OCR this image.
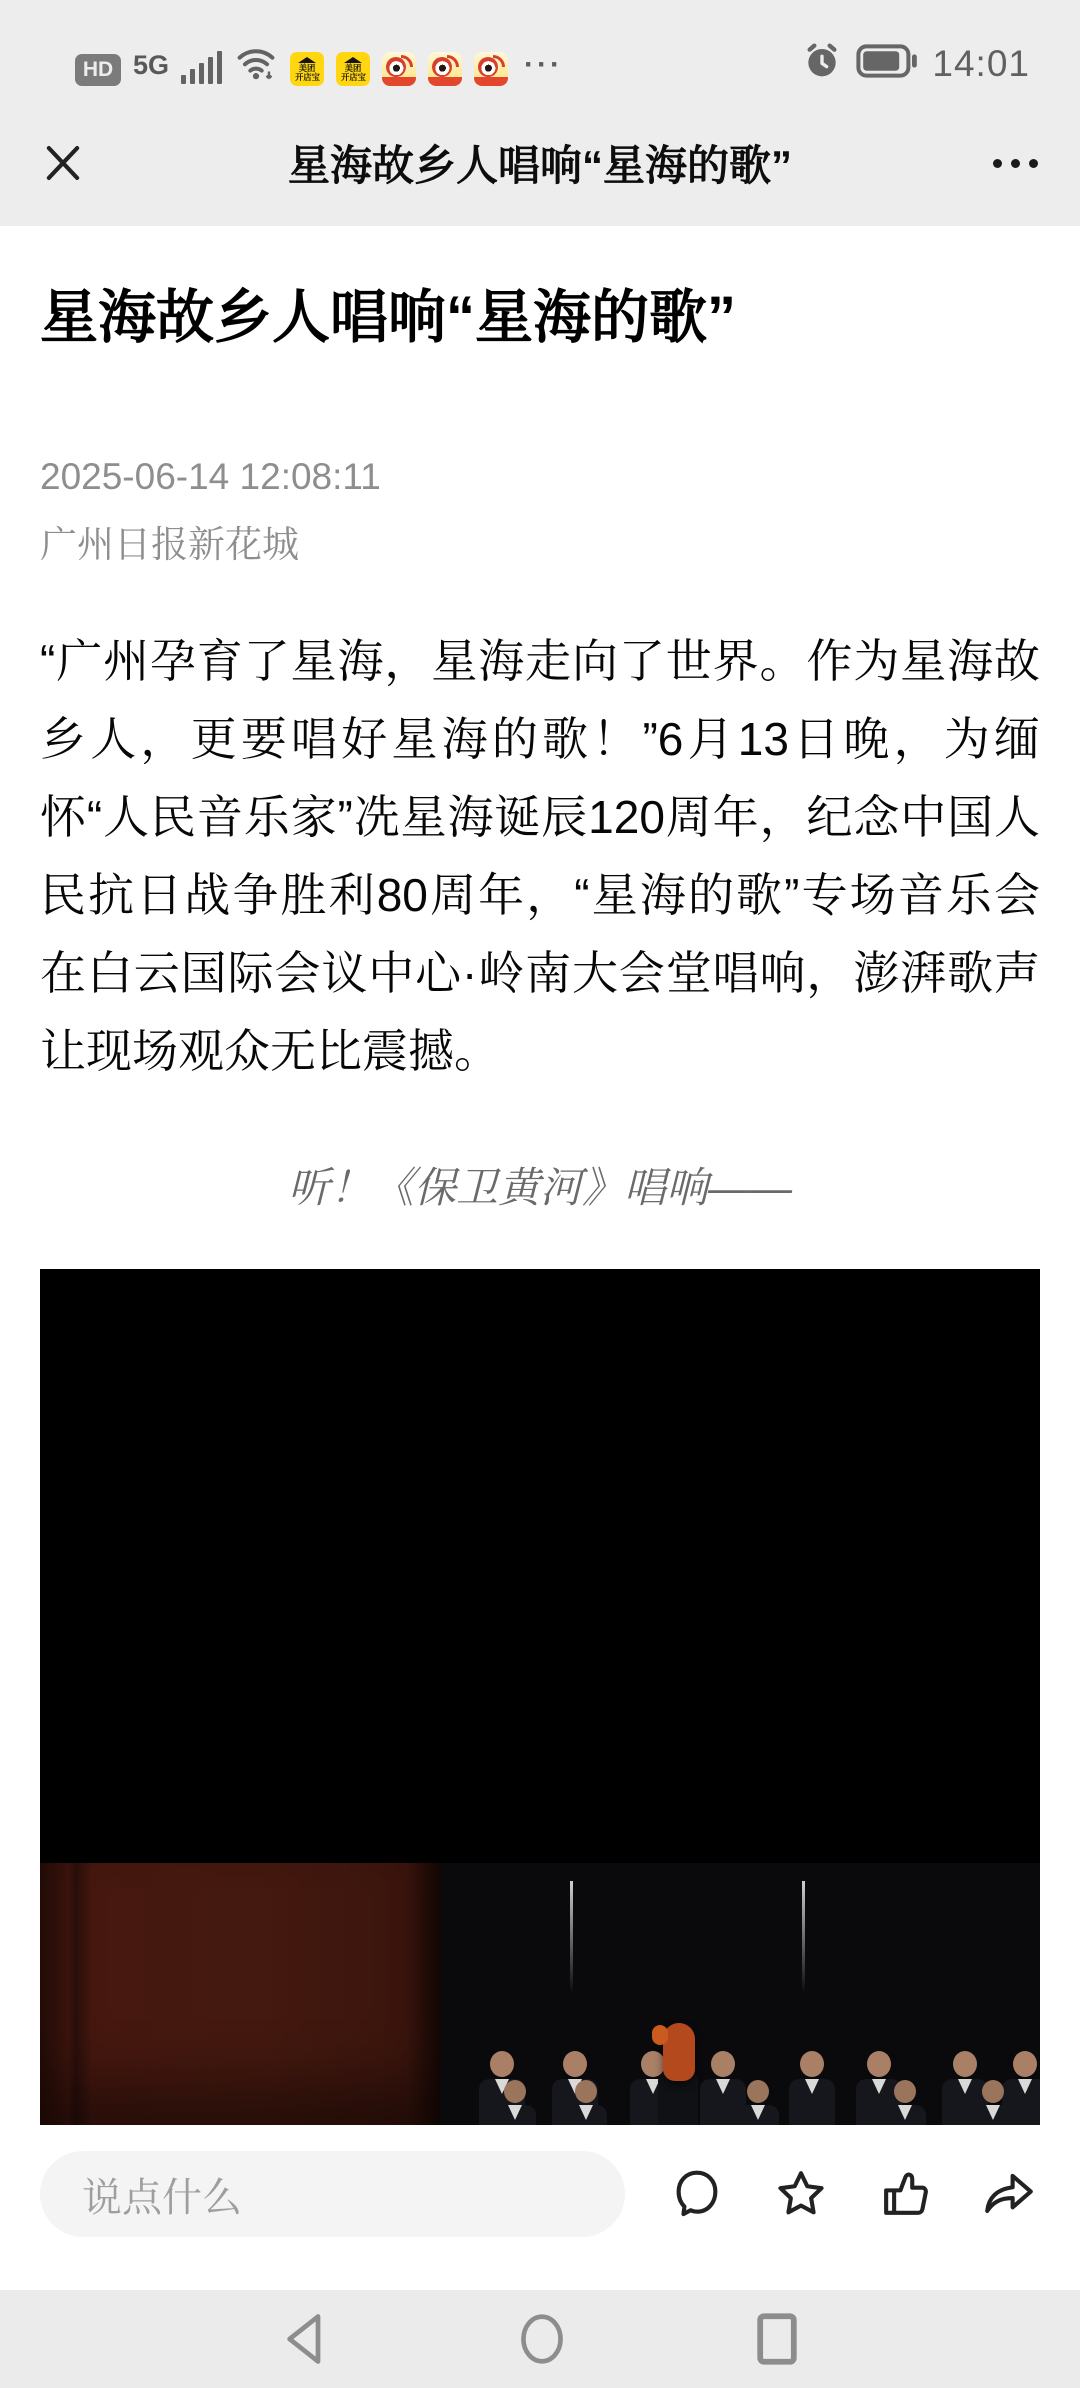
HD 5G	美团
开店宝
美团
开店宝	···	14:01
星海故乡人唱响“星海的歌”
星海故乡人唱响“星海的歌”
2025-06-14 12:08:11
广州日报新花城
“广州孕育了星海，星海走向了世界。作为星海故乡人，更要唱好星海的歌！”6月13日晚，为缅怀“人民音乐家”冼星海诞辰120周年，纪念中国人民抗日战争胜利80周年，“星海的歌”专场音乐会在白云国际会议中心·岭南大会堂唱响，澎湃歌声让现场观众无比震撼。
听！《保卫黄河》唱响——
说点什么
